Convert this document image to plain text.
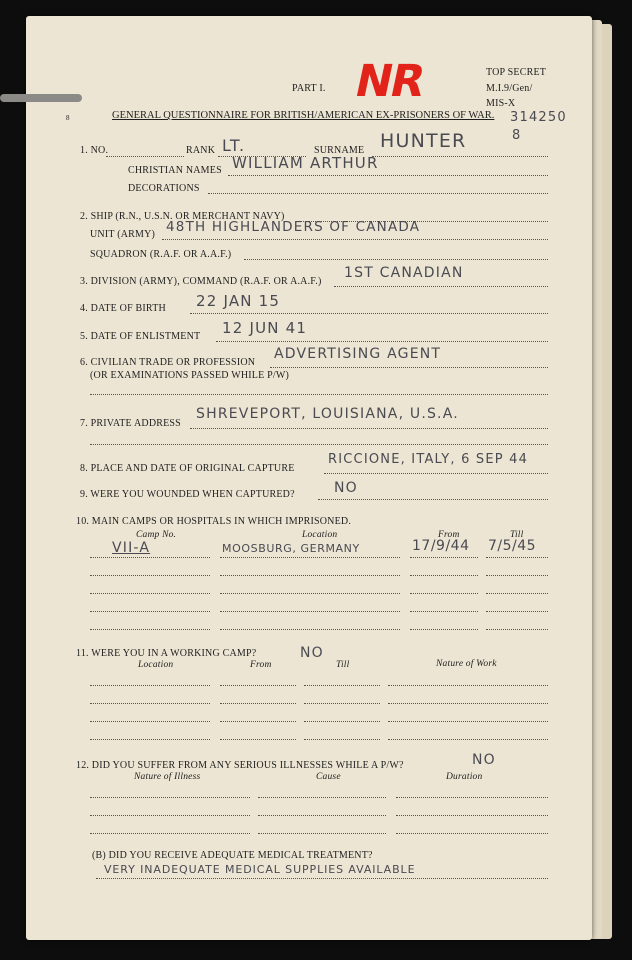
PART I. NR	TOP SECRET
M.I.9/Gen/
MIS-X
314250
8
8	GENERAL QUESTIONNAIRE FOR BRITISH/AMERICAN EX-PRISONERS OF WAR.
1. NO.	RANK LT.	SURNAME HUNTER
CHRISTIAN NAMES WILLIAM ARTHUR
DECORATIONS
2. SHIP (R.N., U.S.N. OR MERCHANT NAVY)
UNIT (ARMY) 48TH HIGHLANDERS OF CANADA
SQUADRON (R.A.F. OR A.A.F.)
3. DIVISION (ARMY), COMMAND (R.A.F. OR A.A.F.)
1ST CANADIAN
4. DATE OF BIRTH 22 JAN 15
5. DATE OF ENLISTMENT 12 JUN 41
6. CIVILIAN TRADE OR PROFESSION
ADVERTISING AGENT
(OR EXAMINATIONS PASSED WHILE P/W)
7. PRIVATE ADDRESS
SHREVEPORT, LOUISIANA, U.S.A.
8. PLACE AND DATE OF ORIGINAL CAPTURE
RICCIONE, ITALY, 6 SEP 44
9. WERE YOU WOUNDED WHEN CAPTURED?	NO
10. MAIN CAMPS OR HOSPITALS IN WHICH IMPRISONED.
Camp No.	Location	From	Till
VII-A	MOOSBURG, GERMANY	17/9/44 7/5/45
11. WERE YOU IN A WORKING CAMP?	NO
Location	From	Till	Nature of Work
12. DID YOU SUFFER FROM ANY SERIOUS ILLNESSES WHILE A P/W?	NO
Nature of Illness	Cause	Duration
(B) DID YOU RECEIVE ADEQUATE MEDICAL TREATMENT?
VERY INADEQUATE MEDICAL SUPPLIES AVAILABLE
